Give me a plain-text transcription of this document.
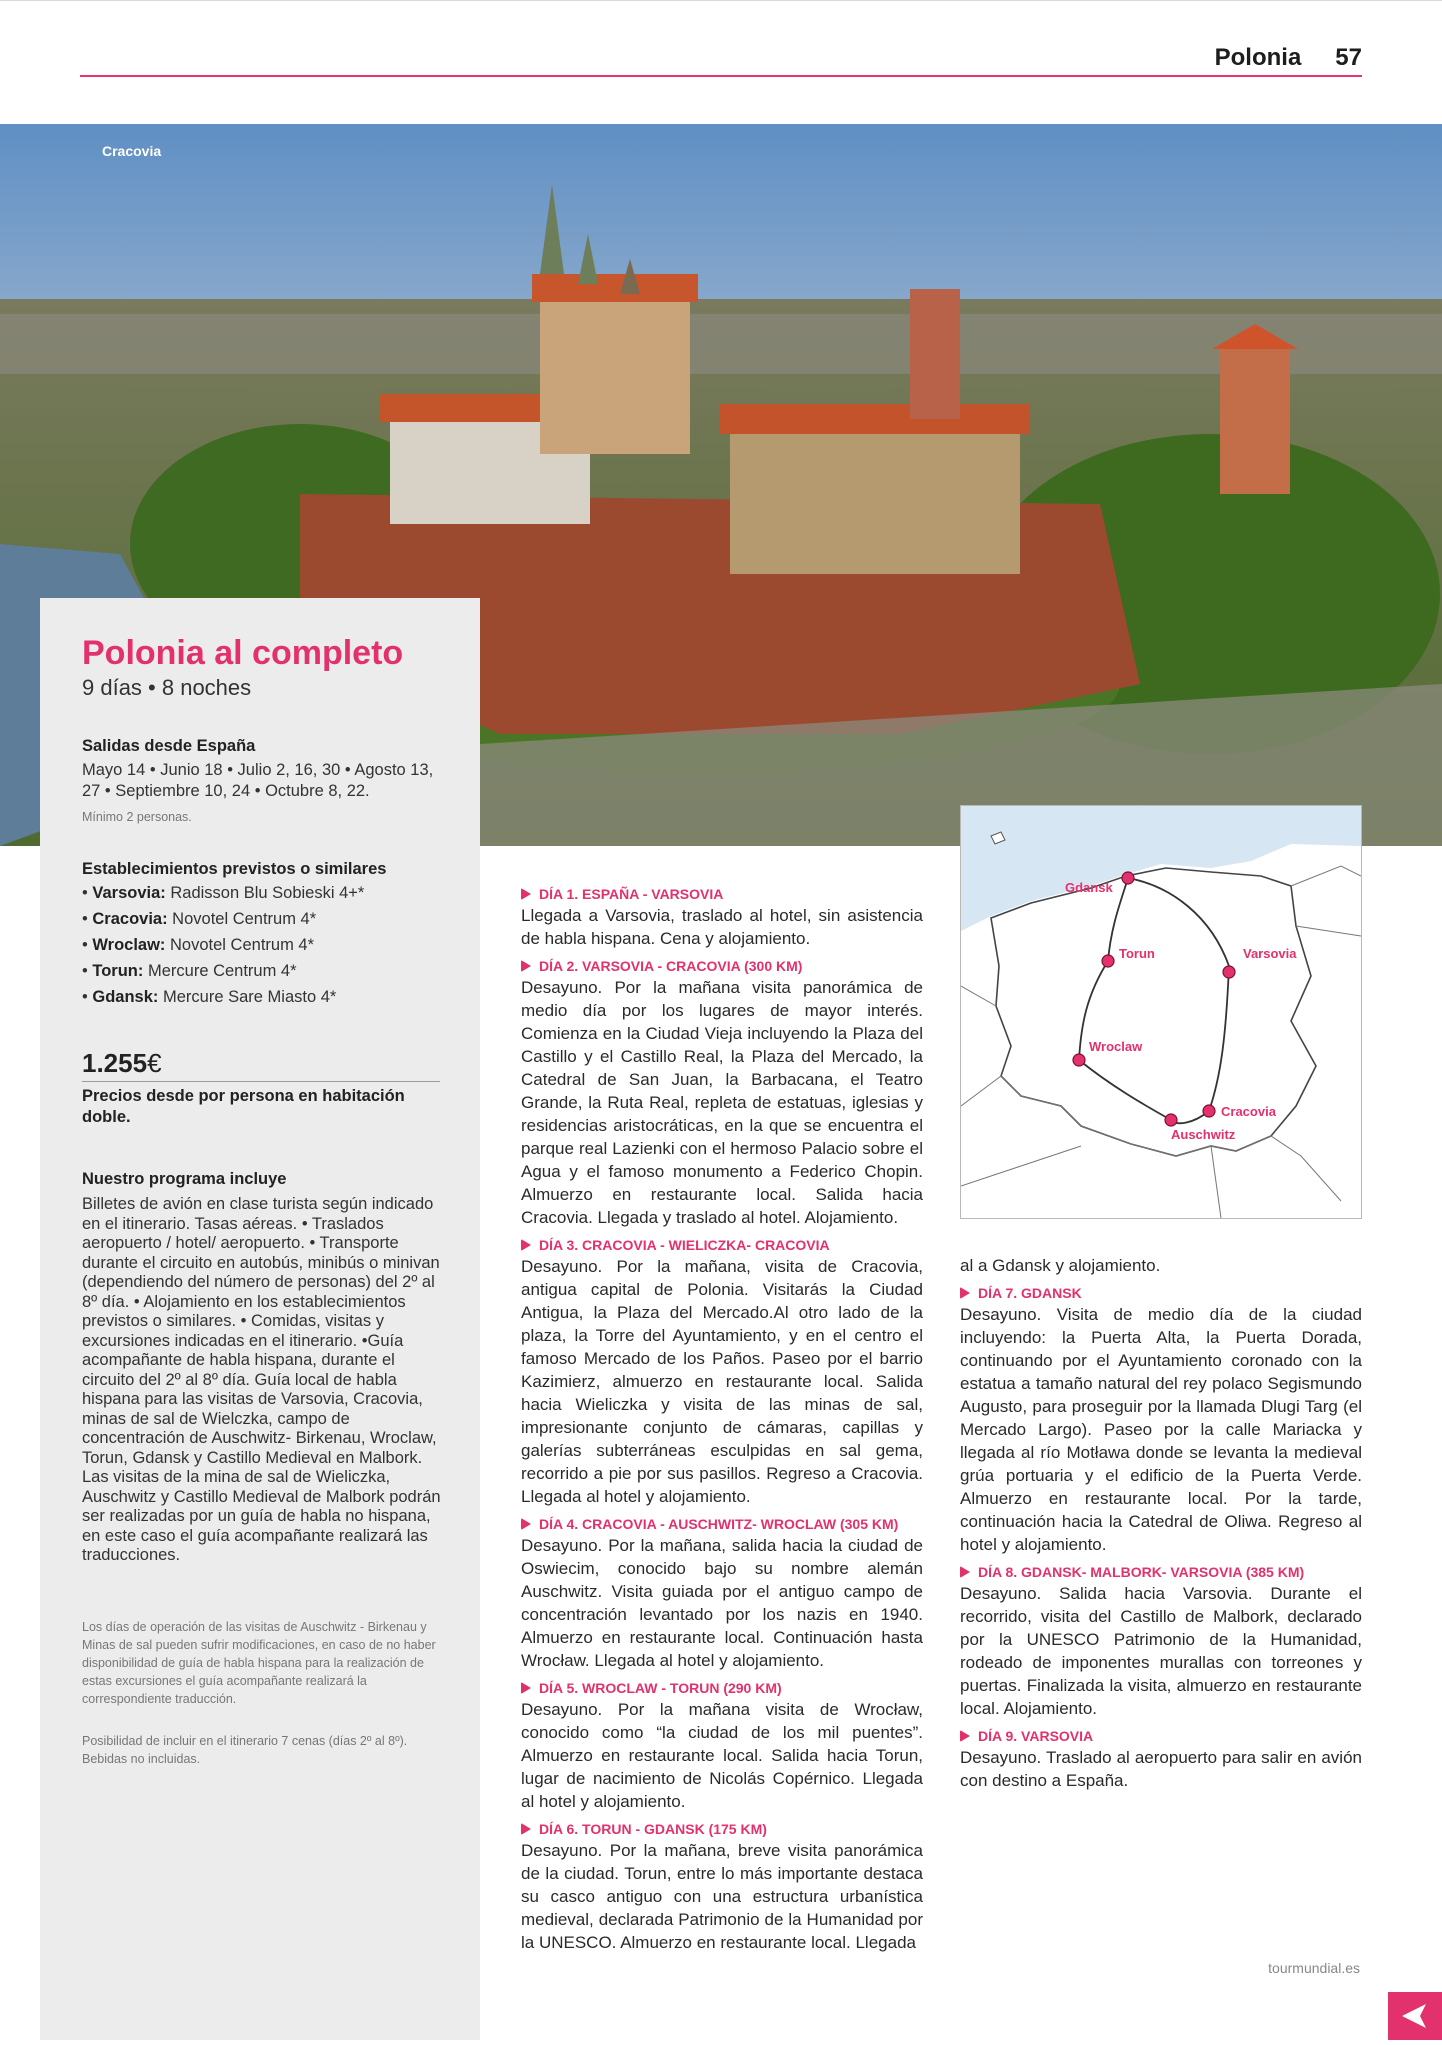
Polonia 57
Cracovia
Polonia al completo
9 días • 8 noches
Salidas desde España
Mayo 14 • Junio 18 • Julio 2, 16, 30 • Agosto 13, 27 • Septiembre 10, 24 • Octubre 8, 22.
Mínimo 2 personas.
Establecimientos previstos o similares
• Varsovia: Radisson Blu Sobieski 4+*
• Cracovia: Novotel Centrum 4*
• Wroclaw: Novotel Centrum 4*
• Torun: Mercure Centrum 4*
• Gdansk: Mercure Sare Miasto 4*
1.255€
Precios desde por persona en habitación doble.
Nuestro programa incluye
Billetes de avión en clase turista según indicado en el itinerario. Tasas aéreas. • Traslados aeropuerto / hotel/ aeropuerto. • Transporte durante el circuito en autobús, minibús o minivan (dependiendo del número de personas) del 2º al 8º día. • Alojamiento en los establecimientos previstos o similares. • Comidas, visitas y excursiones indicadas en el itinerario. •Guía acompañante de habla hispana, durante el circuito del 2º al 8º día. Guía local de habla hispana para las visitas de Varsovia, Cracovia, minas de sal de Wielczka, campo de concentración de Auschwitz- Birkenau, Wroclaw, Torun, Gdansk y Castillo Medieval en Malbork. Las visitas de la mina de sal de Wieliczka, Auschwitz y Castillo Medieval de Malbork podrán ser realizadas por un guía de habla no hispana, en este caso el guía acompañante realizará las traducciones.
Los días de operación de las visitas de Auschwitz - Birkenau y Minas de sal pueden sufrir modificaciones, en caso de no haber disponibilidad de guía de habla hispana para la realización de estas excursiones el guía acompañante realizará la correspondiente traducción.
Posibilidad de incluir en el itinerario 7 cenas (días 2º al 8º). Bebidas no incluidas.
DÍA 1. ESPAÑA - VARSOVIA
Llegada a Varsovia, traslado al hotel, sin asistencia de habla hispana. Cena y alojamiento.
DÍA 2. VARSOVIA - CRACOVIA (300 KM)
Desayuno. Por la mañana visita panorámica de medio día por los lugares de mayor interés. Comienza en la Ciudad Vieja incluyendo la Plaza del Castillo y el Castillo Real, la Plaza del Mercado, la Catedral de San Juan, la Barbacana, el Teatro Grande, la Ruta Real, repleta de estatuas, iglesias y residencias aristocráticas, en la que se encuentra el parque real Lazienki con el hermoso Palacio sobre el Agua y el famoso monumento a Federico Chopin. Almuerzo en restaurante local. Salida hacia Cracovia. Llegada y traslado al hotel. Alojamiento.
DÍA 3. CRACOVIA - WIELICZKA- CRACOVIA
Desayuno. Por la mañana, visita de Cracovia, antigua capital de Polonia. Visitarás la Ciudad Antigua, la Plaza del Mercado.Al otro lado de la plaza, la Torre del Ayuntamiento, y en el centro el famoso Mercado de los Paños. Paseo por el barrio Kazimierz, almuerzo en restaurante local. Salida hacia Wieliczka y visita de las minas de sal, impresionante conjunto de cámaras, capillas y galerías subterráneas esculpidas en sal gema, recorrido a pie por sus pasillos. Regreso a Cracovia. Llegada al hotel y alojamiento.
DÍA 4. CRACOVIA - AUSCHWITZ- WROCLAW (305 KM)
Desayuno. Por la mañana, salida hacia la ciudad de Oswiecim, conocido bajo su nombre alemán Auschwitz. Visita guiada por el antiguo campo de concentración levantado por los nazis en 1940. Almuerzo en restaurante local. Continuación hasta Wrocław. Llegada al hotel y alojamiento.
DÍA 5. WROCLAW - TORUN (290 KM)
Desayuno. Por la mañana visita de Wrocław, conocido como “la ciudad de los mil puentes”. Almuerzo en restaurante local. Salida hacia Torun, lugar de nacimiento de Nicolás Copérnico. Llegada al hotel y alojamiento.
DÍA 6. TORUN - GDANSK (175 KM)
Desayuno. Por la mañana, breve visita panorámica de la ciudad. Torun, entre lo más importante destaca su casco antiguo con una estructura urbanística medieval, declarada Patrimonio de la Humanidad por la UNESCO. Almuerzo en restaurante local. Llegada
Gdansk
Torun	Varsovia
Wroclaw
Cracovia
Auschwitz
al a Gdansk y alojamiento.
DÍA 7. GDANSK
Desayuno. Visita de medio día de la ciudad incluyendo: la Puerta Alta, la Puerta Dorada, continuando por el Ayuntamiento coronado con la estatua a tamaño natural del rey polaco Segismundo Augusto, para proseguir por la llamada Dlugi Targ (el Mercado Largo). Paseo por la calle Mariacka y llegada al río Motława donde se levanta la medieval grúa portuaria y el edificio de la Puerta Verde. Almuerzo en restaurante local. Por la tarde, continuación hacia la Catedral de Oliwa. Regreso al hotel y alojamiento.
DÍA 8. GDANSK- MALBORK- VARSOVIA (385 KM)
Desayuno. Salida hacia Varsovia. Durante el recorrido, visita del Castillo de Malbork, declarado por la UNESCO Patrimonio de la Humanidad, rodeado de imponentes murallas con torreones y puertas. Finalizada la visita, almuerzo en restaurante local. Alojamiento.
DÍA 9. VARSOVIA
Desayuno. Traslado al aeropuerto para salir en avión con destino a España.
tourmundial.es
